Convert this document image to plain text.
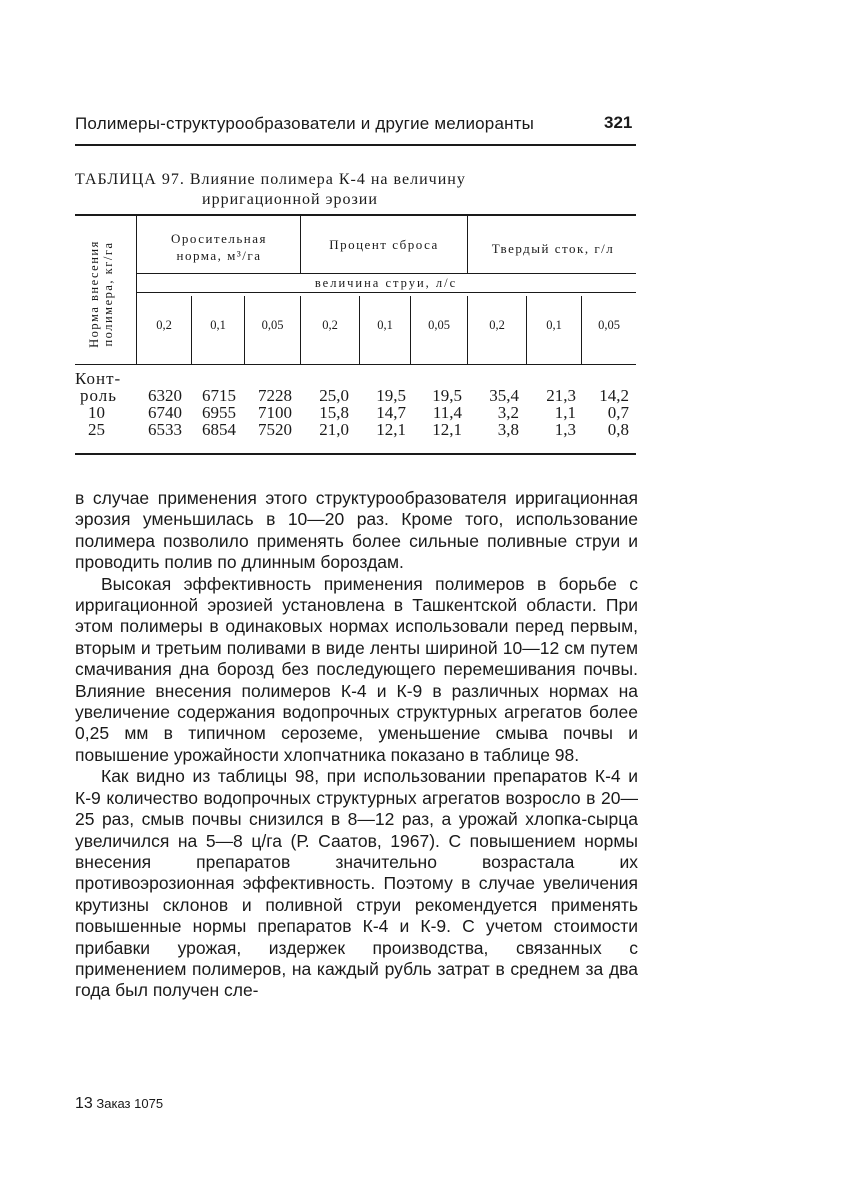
Полимеры-структурообразователи и другие мелиоранты	321
ТАБЛИЦА 97. Влияние полимера К-4 на величину
ирригационной эрозии
Норма внесения полимера, кг/га
Оросительная норма, м³/га
Процент сброса	Твердый сток, г/л
величина струи, л/с
0,2	0,1	0,05	0,2	0,1	0,05	0,2	0,1	0,05
Конт-
роль	6320	6715	7228	25,0	19,5	19,5	35,4	21,3	14,2
10	6740	6955	7100	15,8	14,7	11,4	3,2	1,1	0,7
25	6533	6854	7520	21,0	12,1	12,1	3,8	1,3	0,8

в случае применения этого структурообразователя ирригационная эрозия уменьшилась в 10—20 раз. Кроме того, использование полимера позволило применять более сильные поливные струи и проводить полив по длинным бороздам.

Высокая эффективность применения полимеров в борьбе с ирригационной эрозией установлена в Ташкентской области. При этом полимеры в одинаковых нормах использовали перед первым, вторым и третьим поливами в виде ленты шириной 10—12 см путем смачивания дна борозд без последующего перемешивания почвы. Влияние внесения полимеров К-4 и К-9 в различных нормах на увеличение содержания водопрочных структурных агрегатов более 0,25 мм в типичном сероземе, уменьшение смыва почвы и повышение урожайности хлопчатника показано в таблице 98.

Как видно из таблицы 98, при использовании препаратов К-4 и К-9 количество водопрочных структурных агрегатов возросло в 20—25 раз, смыв почвы снизился в 8—12 раз, а урожай хлопка-сырца увеличился на 5—8 ц/га (Р. Саатов, 1967). С повышением нормы внесения препаратов значительно возрастала их противоэрозионная эффективность. Поэтому в случае увеличения крутизны склонов и поливной струи рекомендуется применять повышенные нормы препаратов К-4 и К-9. С учетом стоимости прибавки урожая, издержек производства, связанных с применением полимеров, на каждый рубль затрат в среднем за два года был получен сле-

13 Заказ 1075
